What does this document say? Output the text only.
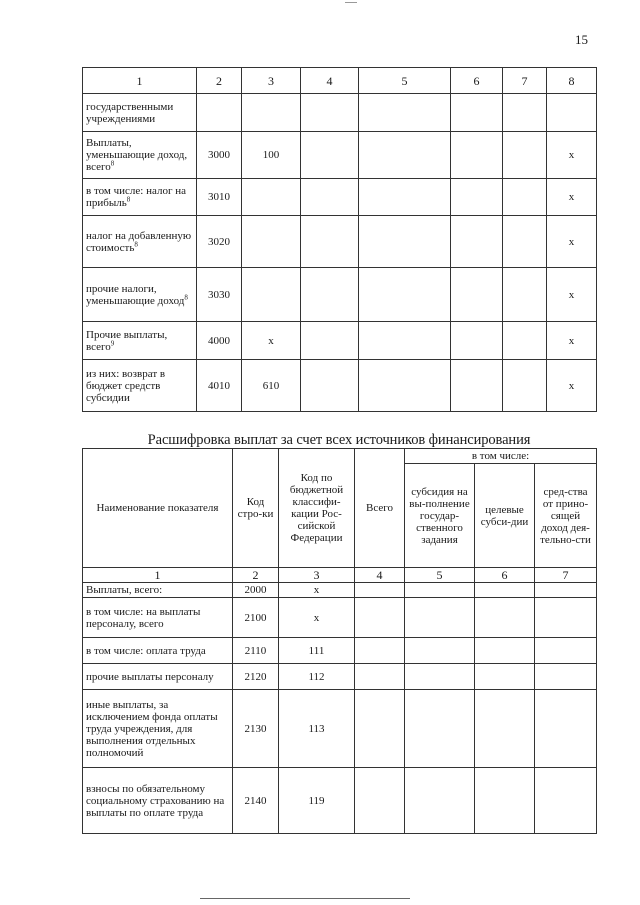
15
1	2	3	4	5	6	7	8
государственными учреждениями							
Выплаты, уменьшающие доход, всего$^8$	3000	100					х
в том числе: налог на прибыль$^8$	3010						х
налог на добавленную стоимость$^8$	3020						х
прочие налоги, уменьшающие доход$^8$	3030						х
Прочие выплаты, всего$^9$	4000	х					х
из них: возврат в бюджет средств субсидии	4010	610					х
Расшифровка выплат за счет всех источников финансирования
Наименование показателя	Код стро-ки	Код по бюджетной классифи-кации Рос-сийской Федерации	Всего	в том числе:		
				субсидия на вы-полнение государ-ственного задания	целевые субси-дии	сред-ства от прино-сящей доход дея-тельно-сти
1	2	3	4	5	6	7
Выплаты, всего:	2000	х				
в том числе: на выплаты персоналу, всего	2100	х				
в том числе: оплата труда	2110	111				
прочие выплаты персоналу	2120	112				
иные выплаты, за исключением фонда оплаты труда учреждения, для выполнения отдельных полномочий	2130	113				
взносы по обязательному социальному страхованию на выплаты по оплате труда	2140	119				
